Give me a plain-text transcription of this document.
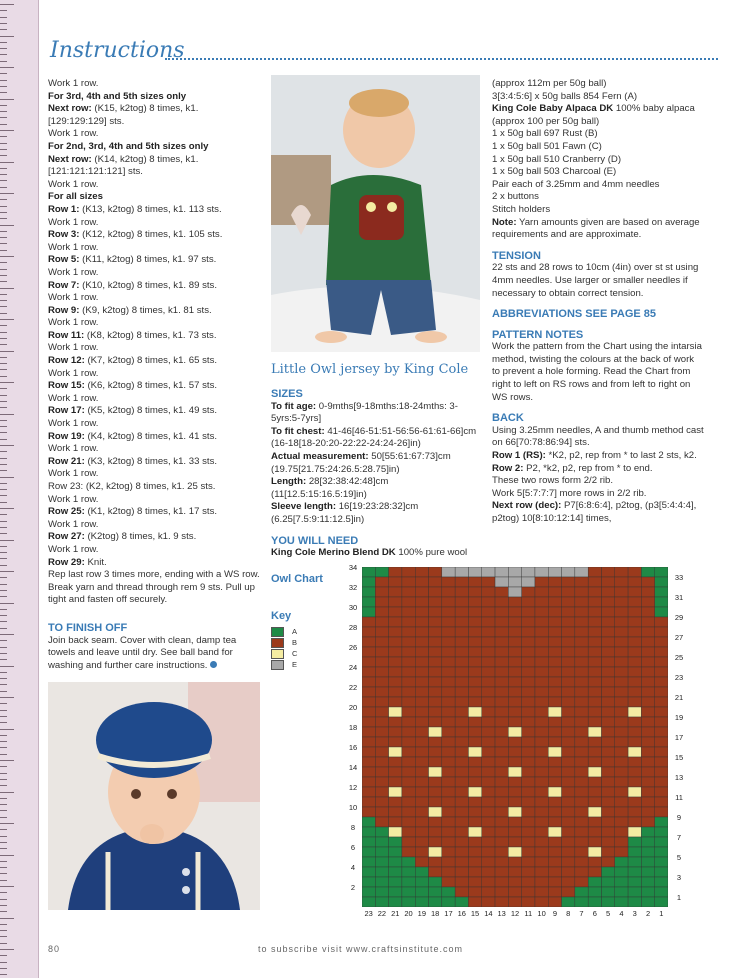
Instructions

Work 1 row.

For 3rd, 4th and 5th sizes only

Next row: (K15, k2tog) 8 times, k1.

[129:129:129] sts.

Work 1 row.

For 2nd, 3rd, 4th and 5th sizes only

Next row: (K14, k2tog) 8 times, k1.

[121:121:121:121] sts.

Work 1 row.

For all sizes

Row 1: (K13, k2tog) 8 times, k1. 113 sts.

Work 1 row.

Row 3: (K12, k2tog) 8 times, k1. 105 sts.

Work 1 row.

Row 5: (K11, k2tog) 8 times, k1. 97 sts.

Work 1 row.

Row 7: (K10, k2tog) 8 times, k1. 89 sts.

Work 1 row.

Row 9: (K9, k2tog) 8 times, k1. 81 sts.

Work 1 row.

Row 11: (K8, k2tog) 8 times, k1. 73 sts.

Work 1 row.

Row 12: (K7, k2tog) 8 times, k1. 65 sts.

Work 1 row.

Row 15: (K6, k2tog) 8 times, k1. 57 sts.

Work 1 row.

Row 17: (K5, k2tog) 8 times, k1. 49 sts.

Work 1 row.

Row 19: (K4, k2tog) 8 times, k1. 41 sts.

Work 1 row.

Row 21: (K3, k2tog) 8 times, k1. 33 sts.

Work 1 row.

Row 23: (K2, k2tog) 8 times, k1. 25 sts.

Work 1 row.

Row 25: (K1, k2tog) 8 times, k1. 17 sts.

Work 1 row.

Row 27: (K2tog) 8 times, k1. 9 sts.

Work 1 row.

Row 29: Knit.

Rep last row 3 times more, ending with a WS row. Break yarn and thread through rem 9 sts. Pull up tight and fasten off securely.

TO FINISH OFF

Join back seam. Cover with clean, damp tea towels and leave until dry. See ball band for washing and further care instructions.

Little Owl jersey by King Cole

SIZES

To fit age: 0-9mths[9-18mths:18-24mths: 3-5yrs:5-7yrs]

To fit chest: 41-46[46-51:51-56:56-61:61-66]cm (16-18[18-20:20-22:22-24:24-26]in)

Actual measurement: 50[55:61:67:73]cm (19.75[21.75:24:26.5:28.75]in)

Length: 28[32:38:42:48]cm (11[12.5:15:16.5:19]in)

Sleeve length: 16[19:23:28:32]cm (6.25[7.5:9:11:12.5]in)

YOU WILL NEED

King Cole Merino Blend DK 100% pure wool

Owl Chart
Key
A
B
C
E

(approx 112m per 50g ball)

3[3:4:5:6] x 50g balls 854 Fern (A)

King Cole Baby Alpaca DK 100% baby alpaca (approx 100 per 50g ball)

1 x 50g ball 697 Rust (B)

1 x 50g ball 501 Fawn (C)

1 x 50g ball 510 Cranberry (D)

1 x 50g ball 503 Charcoal (E)

Pair each of 3.25mm and 4mm needles

2 x buttons

Stitch holders

Note: Yarn amounts given are based on average requirements and are approximate.

TENSION

22 sts and 28 rows to 10cm (4in) over st st using 4mm needles. Use larger or smaller needles if necessary to obtain correct tension.

ABBREVIATIONS SEE PAGE 85

PATTERN NOTES

Work the pattern from the Chart using the intarsia method, twisting the colours at the back of work to prevent a hole forming. Read the Chart from right to left on RS rows and from left to right on WS rows.

BACK

Using 3.25mm needles, A and thumb method cast on 66[70:78:86:94] sts.

Row 1 (RS): *K2, p2, rep from * to last 2 sts, k2.

Row 2: P2, *k2, p2, rep from * to end.

These two rows form 2/2 rib.

Work 5[5:7:7:7] more rows in 2/2 rib.

Next row (dec): P7[6:8:6:4], p2tog, (p3[5:4:4:4], p2tog) 10[8:10:12:14] times,

23 22 21 20 19 18 17 16 15 14 13 12 11 10 9	8	7	6	5	4	3	2	1
34
32
30
28
26
24
22
20
18
16
14
12
10
8
6
4
2
33
31
29
27
25
23
21
19
17
15
13
11
9
7
5
3
1
80	to subscribe visit www.craftsinstitute.com
